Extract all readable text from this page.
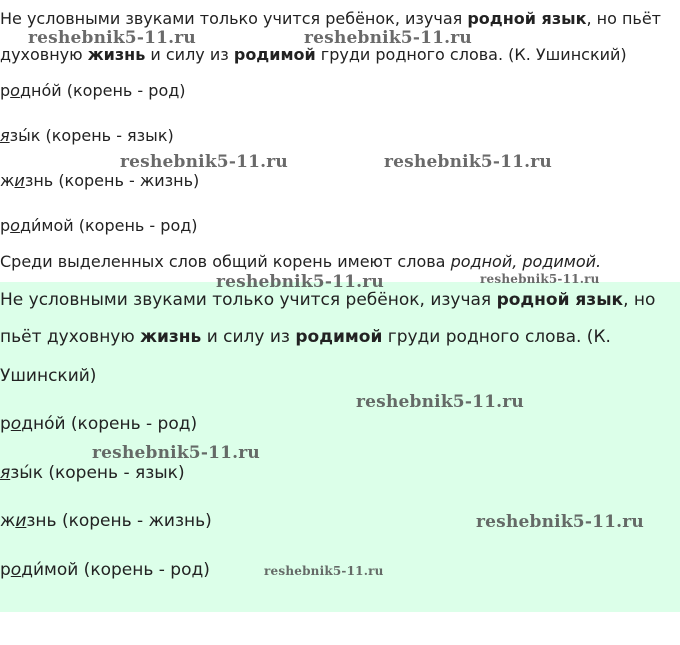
Не условными звуками только учится ребёнок, изучая родной язык, но пьёт

духовную жизнь и силу из родимой груди родного слова. (К. Ушинский)

роднóй (корень - род)

язы́к (корень - язык)

жизнь (корень - жизнь)

роди́мой (корень - род)

Среди выделенных слов общий корень имеют слова родной, родимой.

reshebnik5-11.ru	reshebnik5-11.ru
reshebnik5-11.ru	reshebnik5-11.ru

Не условными звуками только учится ребёнок, изучая родной язык, но

пьёт духовную жизнь и силу из родимой груди родного слова. (К.

Ушинский)

роднóй (корень - род)

язы́к (корень - язык)

жизнь (корень - жизнь)

роди́мой (корень - род)

reshebnik5-11.ru
reshebnik5-11.ru
reshebnik5-11.ru
reshebnik5-11.ru
reshebnik5-11.ru	reshebnik5-11.ru
